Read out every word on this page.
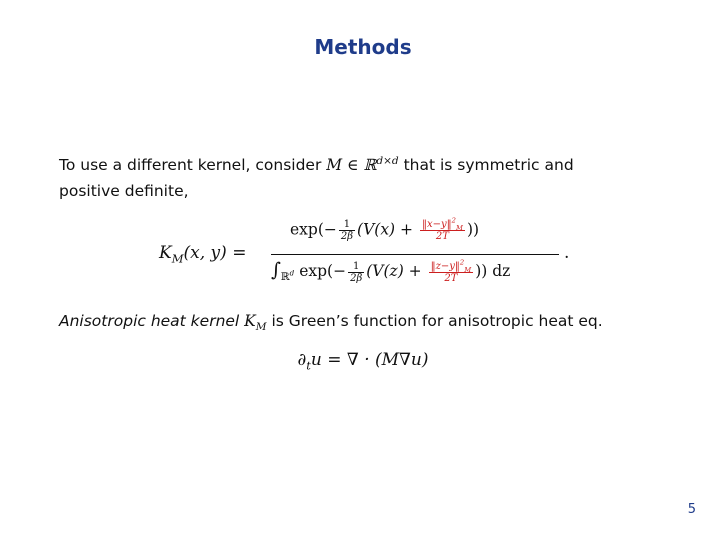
Methods
To use a different kernel, consider M ∈ ℝ$^{d\times d}$ that is symmetric and
positive definite,
$K_M(x$, y) =
$\exp(- \frac{1}{2\beta} (V(x) + \frac{‖x-y‖^2_M}{2T}$ ))
$\int_{ℝ^d}$ $\exp(- \frac{1}{2\beta} (V(z) + \frac{‖z-y‖^2_M}{2T}$ )) dz
.
Anisotropic heat kernel $K_M$ is Green’s function for anisotropic heat eq.
$\partial_tu$ = ∇ · (M∇u)
5
